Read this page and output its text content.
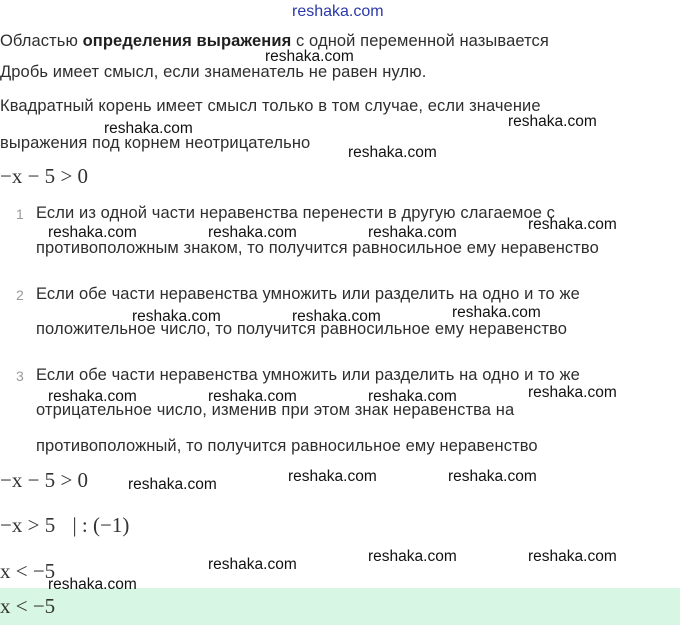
reshaka.com
Областью определения выражения с одной переменной называется
Дробь имеет смысл, если знаменатель не равен нулю.
Квадратный корень имеет смысл только в том случае, если значение
выражения под корнем неотрицательно
−x − 5 > 0
1 Если из одной части неравенства перенести в другую слагаемое с
противоположным знаком, то получится равносильное ему неравенство
2 Если обе части неравенства умножить или разделить на одно и то же
положительное число, то получится равносильное ему неравенство
3 Если обе части неравенства умножить или разделить на одно и то же
отрицательное число, изменив при этом знак неравенства на
противоположный, то получится равносильное ему неравенство
−x − 5 > 0
−x > 5 | : (−1)
x < −5
x < −5
reshaka.com
reshaka.com	reshaka.com
reshaka.com
reshaka.com	reshaka.com	reshaka.com	reshaka.com
reshaka.com	reshaka.com	reshaka.com
reshaka.com	reshaka.com	reshaka.com	reshaka.com
reshaka.com	reshaka.com	reshaka.com
reshaka.com	reshaka.com
reshaka.com
reshaka.com
